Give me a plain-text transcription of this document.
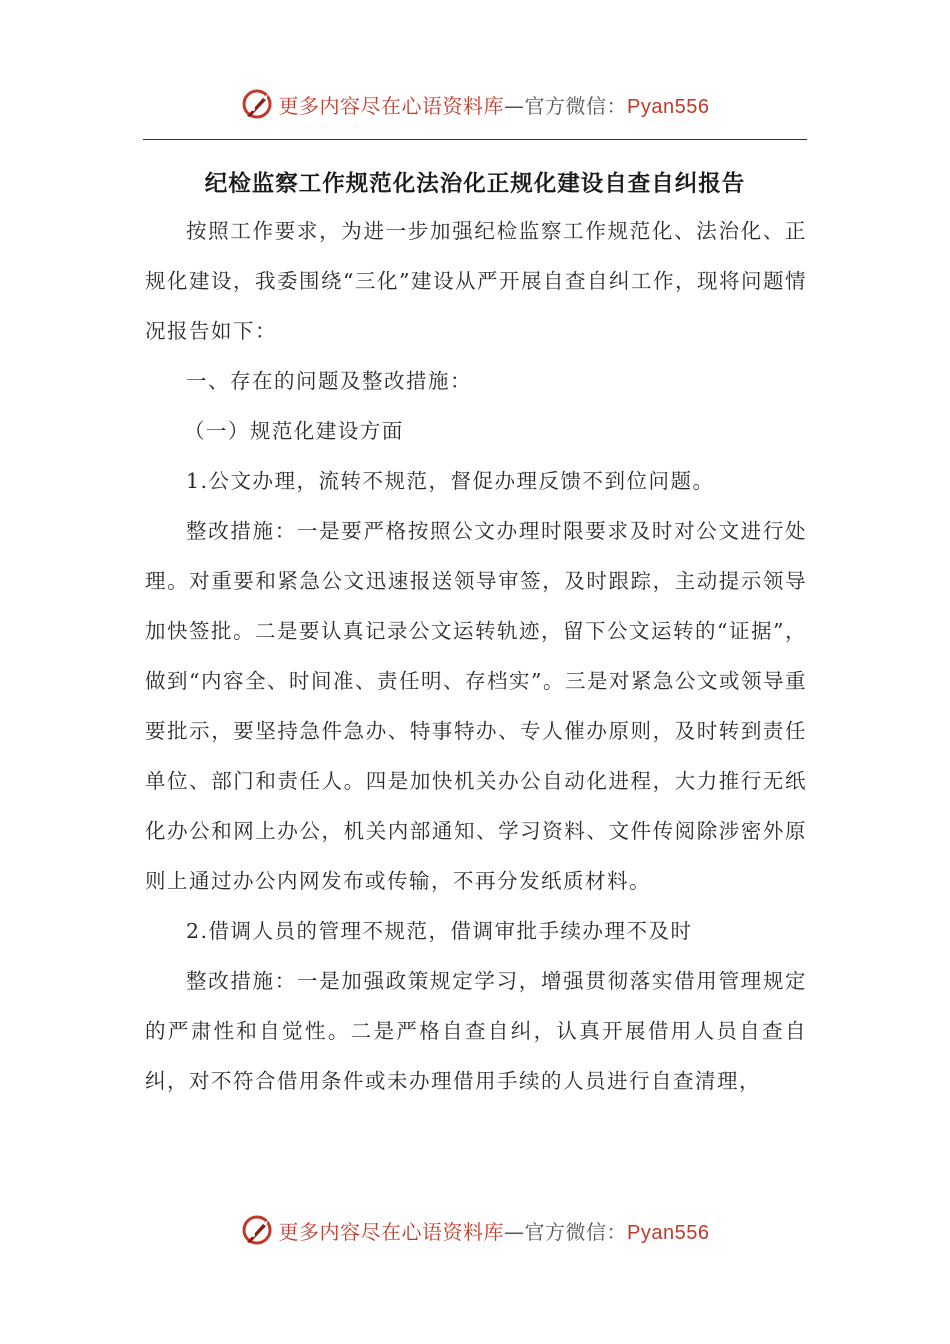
更多内容尽在心语资料库—官方微信：Pyan556
纪检监察工作规范化法治化正规化建设自查自纠报告

按照工作要求，为进一步加强纪检监察工作规范化、法治化、正规化建设，我委围绕“三化”建设从严开展自查自纠工作，现将问题情况报告如下：

一、存在的问题及整改措施：

（一）规范化建设方面

1.公文办理，流转不规范，督促办理反馈不到位问题。

整改措施：一是要严格按照公文办理时限要求及时对公文进行处理。对重要和紧急公文迅速报送领导审签，及时跟踪，主动提示领导加快签批。二是要认真记录公文运转轨迹，留下公文运转的“证据”，做到“内容全、时间准、责任明、存档实”。三是对紧急公文或领导重要批示，要坚持急件急办、特事特办、专人催办原则，及时转到责任单位、部门和责任人。四是加快机关办公自动化进程，大力推行无纸化办公和网上办公，机关内部通知、学习资料、文件传阅除涉密外原则上通过办公内网发布或传输，不再分发纸质材料。

2.借调人员的管理不规范，借调审批手续办理不及时

整改措施：一是加强政策规定学习，增强贯彻落实借用管理规定的严肃性和自觉性。二是严格自查自纠，认真开展借用人员自查自纠，对不符合借用条件或未办理借用手续的人员进行自查清理，

更多内容尽在心语资料库—官方微信：Pyan556
